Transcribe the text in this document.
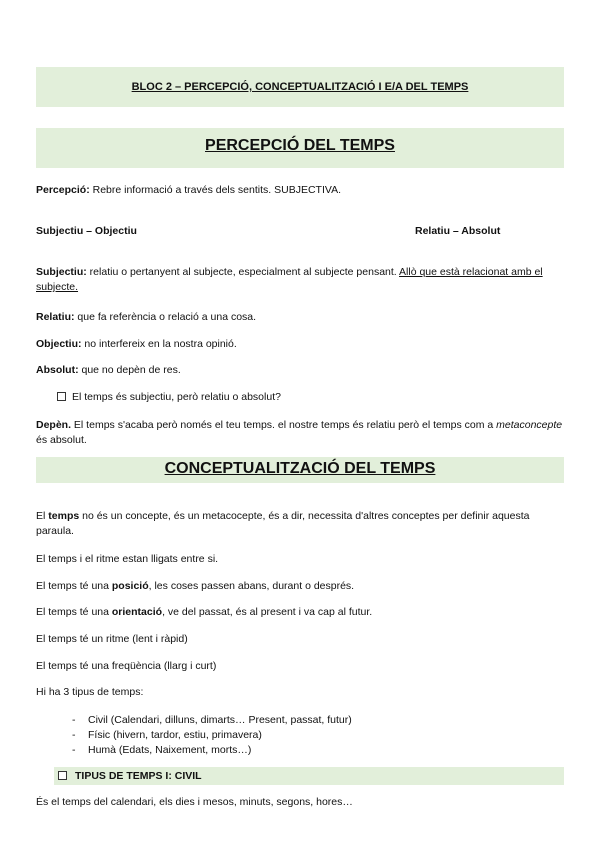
BLOC 2 – PERCEPCIÓ, CONCEPTUALITZACIÓ I E/A DEL TEMPS
PERCEPCIÓ DEL TEMPS

Percepció: Rebre informació a través dels sentits. SUBJECTIVA.

Subjectiu – Objectiu	Relatiu – Absolut

Subjectiu: relatiu o pertanyent al subjecte, especialment al subjecte pensant. Allò que està relacionat amb el subjecte.

Relatiu: que fa referència o relació a una cosa.

Objectiu: no interfereix en la nostra opinió.

Absolut: que no depèn de res.

El temps és subjectiu, però relatiu o absolut?

Depèn. El temps s'acaba però només el teu temps. el nostre temps és relatiu però el temps com a metaconcepte és absolut.

CONCEPTUALITZACIÓ DEL TEMPS

El temps no és un concepte, és un metacocepte, és a dir, necessita d'altres conceptes per definir aquesta paraula.

El temps i el ritme estan lligats entre si.

El temps té una posició, les coses passen abans, durant o després.

El temps té una orientació, ve del passat, és al present i va cap al futur.

El temps té un ritme (lent i ràpid)

El temps té una freqüència (llarg i curt)

Hi ha 3 tipus de temps:

- Civil (Calendari, dilluns, dimarts… Present, passat, futur)
- Físic (hivern, tardor, estiu, primavera)
- Humà (Edats, Naixement, morts…)
TIPUS DE TEMPS I: CIVIL

És el temps del calendari, els dies i mesos, minuts, segons, hores…
